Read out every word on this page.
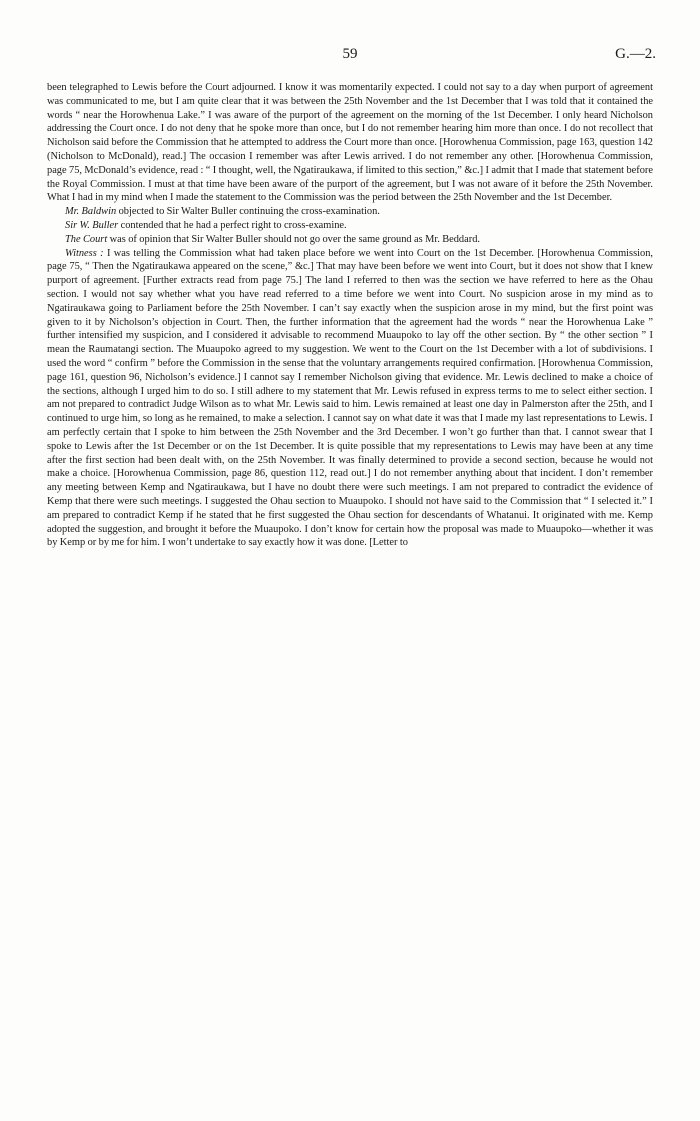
59	G.—2.

been telegraphed to Lewis before the Court adjourned. I know it was momentarily expected. I could not say to a day when purport of agreement was communicated to me, but I am quite clear that it was between the 25th November and the 1st December that I was told that it contained the words “ near the Horowhenua Lake.” I was aware of the purport of the agreement on the morning of the 1st December. I only heard Nicholson addressing the Court once. I do not deny that he spoke more than once, but I do not remember hearing him more than once. I do not recollect that Nicholson said before the Commission that he attempted to address the Court more than once. [Horowhenua Commission, page 163, question 142 (Nicholson to McDonald), read.] The occasion I remember was after Lewis arrived. I do not remember any other. [Horowhenua Commission, page 75, McDonald’s evidence, read : “ I thought, well, the Ngatiraukawa, if limited to this section,” &c.] I admit that I made that statement before the Royal Commission. I must at that time have been aware of the purport of the agreement, but I was not aware of it before the 25th November. What I had in my mind when I made the statement to the Commission was the period between the 25th November and the 1st December.

Mr. Baldwin objected to Sir Walter Buller continuing the cross-examination.

Sir W. Buller contended that he had a perfect right to cross-examine.

The Court was of opinion that Sir Walter Buller should not go over the same ground as Mr. Beddard.

Witness : I was telling the Commission what had taken place before we went into Court on the 1st December. [Horowhenua Commission, page 75, “ Then the Ngatiraukawa appeared on the scene,” &c.] That may have been before we went into Court, but it does not show that I knew purport of agreement. [Further extracts read from page 75.] The land I referred to then was the section we have referred to here as the Ohau section. I would not say whether what you have read referred to a time before we went into Court. No suspicion arose in my mind as to Ngatiraukawa going to Parliament before the 25th November. I can’t say exactly when the suspicion arose in my mind, but the first point was given to it by Nicholson’s objection in Court. Then, the further information that the agreement had the words “ near the Horowhenua Lake ” further intensified my suspicion, and I considered it advisable to recommend Muaupoko to lay off the other section. By “ the other section ” I mean the Raumatangi section. The Muaupoko agreed to my suggestion. We went to the Court on the 1st December with a lot of subdivisions. I used the word “ confirm ” before the Commission in the sense that the voluntary arrangements required confirmation. [Horowhenua Commission, page 161, question 96, Nicholson’s evidence.] I cannot say I remember Nicholson giving that evidence. Mr. Lewis declined to make a choice of the sections, although I urged him to do so. I still adhere to my statement that Mr. Lewis refused in express terms to me to select either section. I am not prepared to contradict Judge Wilson as to what Mr. Lewis said to him. Lewis remained at least one day in Palmerston after the 25th, and I continued to urge him, so long as he remained, to make a selection. I cannot say on what date it was that I made my last representations to Lewis. I am perfectly certain that I spoke to him between the 25th November and the 3rd December. I won’t go further than that. I cannot swear that I spoke to Lewis after the 1st December or on the 1st December. It is quite possible that my representations to Lewis may have been at any time after the first section had been dealt with, on the 25th November. It was finally determined to provide a second section, because he would not make a choice. [Horowhenua Commission, page 86, question 112, read out.] I do not remember anything about that incident. I don’t remember any meeting between Kemp and Ngatiraukawa, but I have no doubt there were such meetings. I am not prepared to contradict the evidence of Kemp that there were such meetings. I suggested the Ohau section to Muaupoko. I should not have said to the Commission that “ I selected it.” I am prepared to contradict Kemp if he stated that he first suggested the Ohau section for descendants of Whatanui. It originated with me. Kemp adopted the suggestion, and brought it before the Muaupoko. I don’t know for certain how the proposal was made to Muaupoko—whether it was by Kemp or by me for him. I won’t undertake to say exactly how it was done. [Letter to
